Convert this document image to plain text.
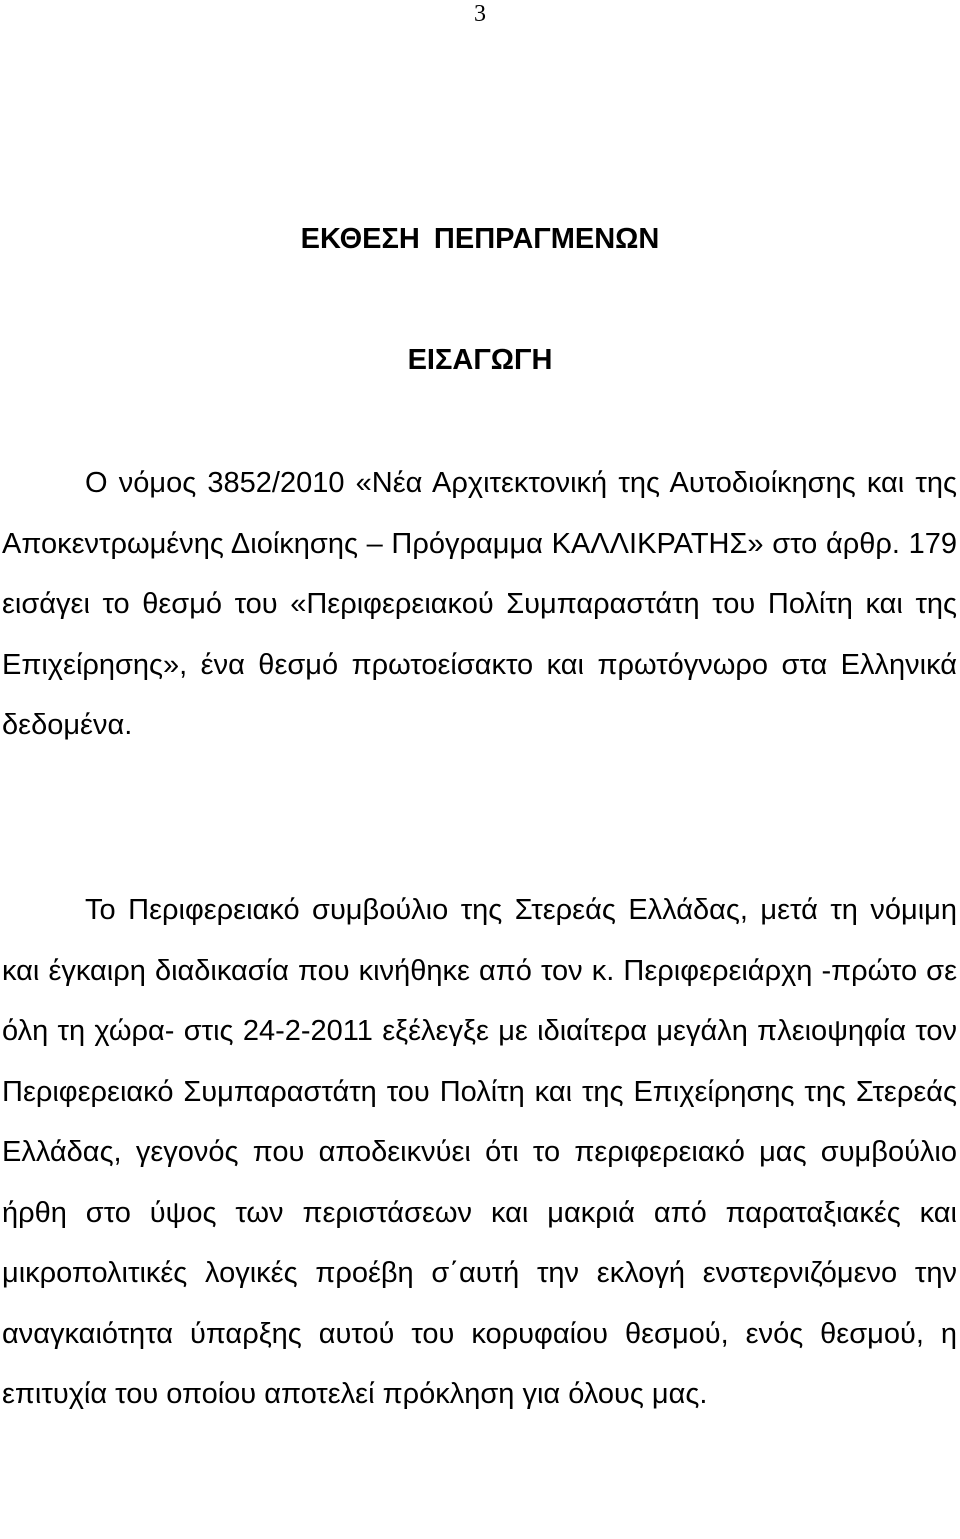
3
ΕΚΘΕΣΗ ΠΕΠΡΑΓΜΕΝΩΝ
ΕΙΣΑΓΩΓΗ

Ο νόμος 3852/2010 «Νέα Αρχιτεκτονική της Αυτοδιοίκησης και της Αποκεντρωμένης Διοίκησης – Πρόγραμμα ΚΑΛΛΙΚΡΑΤΗΣ» στο άρθρ. 179 εισάγει το θεσμό του «Περιφερειακού Συμπαραστάτη του Πολίτη και της Επιχείρησης», ένα θεσμό πρωτοείσακτο και πρωτόγνωρο στα Ελληνικά δεδομένα.

Το Περιφερειακό συμβούλιο της Στερεάς Ελλάδας, μετά τη νόμιμη και έγκαιρη διαδικασία που κινήθηκε από τον κ. Περιφερειάρχη -πρώτο σε όλη τη χώρα- στις 24-2-2011 εξέλεγξε με ιδιαίτερα μεγάλη πλειοψηφία τον Περιφερειακό Συμπαραστάτη του Πολίτη και της Επιχείρησης της Στερεάς Ελλάδας, γεγονός που αποδεικνύει ότι το περιφερειακό μας συμβούλιο ήρθη στο ύψος των περιστάσεων και μακριά από παραταξιακές και μικροπολιτικές λογικές προέβη σ΄αυτή την εκλογή ενστερνιζόμενο την αναγκαιότητα ύπαρξης αυτού του κορυφαίου θεσμού, ενός θεσμού, η επιτυχία του οποίου αποτελεί πρόκληση για όλους μας.
